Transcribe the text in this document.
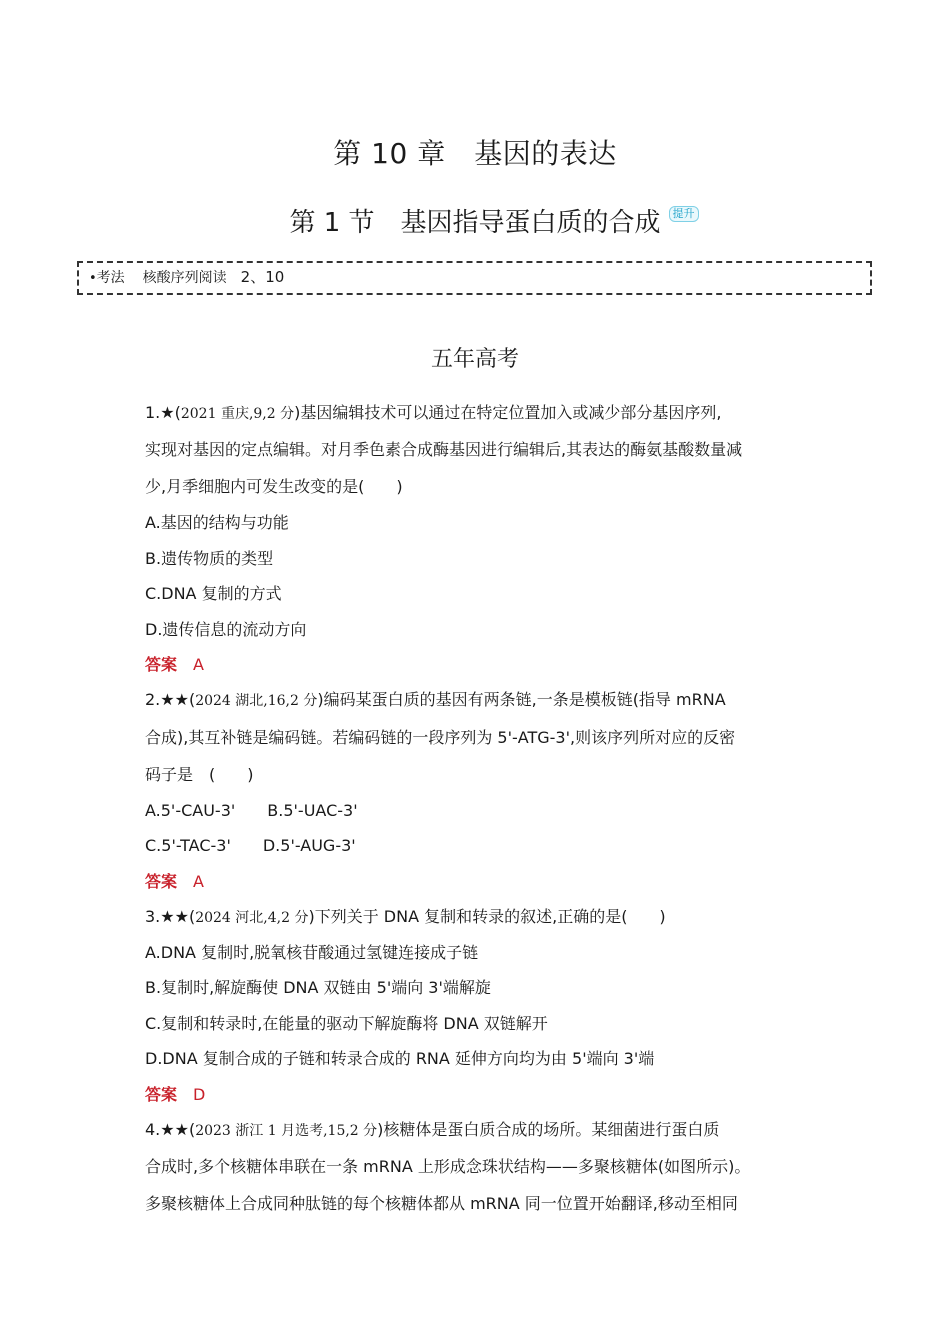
第 10 章　基因的表达
第 1 节　基因指导蛋白质的合成	提升
•考法 核酸序列阅读 2、10
五年高考
1.★(2021 重庆,9,2 分)基因编辑技术可以通过在特定位置加入或减少部分基因序列,
实现对基因的定点编辑。对月季色素合成酶基因进行编辑后,其表达的酶氨基酸数量减
少,月季细胞内可发生改变的是(　　)
A.基因的结构与功能
B.遗传物质的类型
C.DNA 复制的方式
D.遗传信息的流动方向
答案 A
2.★★(2024 湖北,16,2 分)编码某蛋白质的基因有两条链,一条是模板链(指导 mRNA
合成),其互补链是编码链。若编码链的一段序列为 5'-ATG-3',则该序列所对应的反密
码子是　(　　)
A.5'-CAU-3'　　B.5'-UAC-3'
C.5'-TAC-3'　　D.5'-AUG-3'
答案 A
3.★★(2024 河北,4,2 分)下列关于 DNA 复制和转录的叙述,正确的是(　　)
A.DNA 复制时,脱氧核苷酸通过氢键连接成子链
B.复制时,解旋酶使 DNA 双链由 5'端向 3'端解旋
C.复制和转录时,在能量的驱动下解旋酶将 DNA 双链解开
D.DNA 复制合成的子链和转录合成的 RNA 延伸方向均为由 5'端向 3'端
答案 D
4.★★(2023 浙江 1 月选考,15,2 分)核糖体是蛋白质合成的场所。某细菌进行蛋白质
合成时,多个核糖体串联在一条 mRNA 上形成念珠状结构——多聚核糖体(如图所示)。
多聚核糖体上合成同种肽链的每个核糖体都从 mRNA 同一位置开始翻译,移动至相同
